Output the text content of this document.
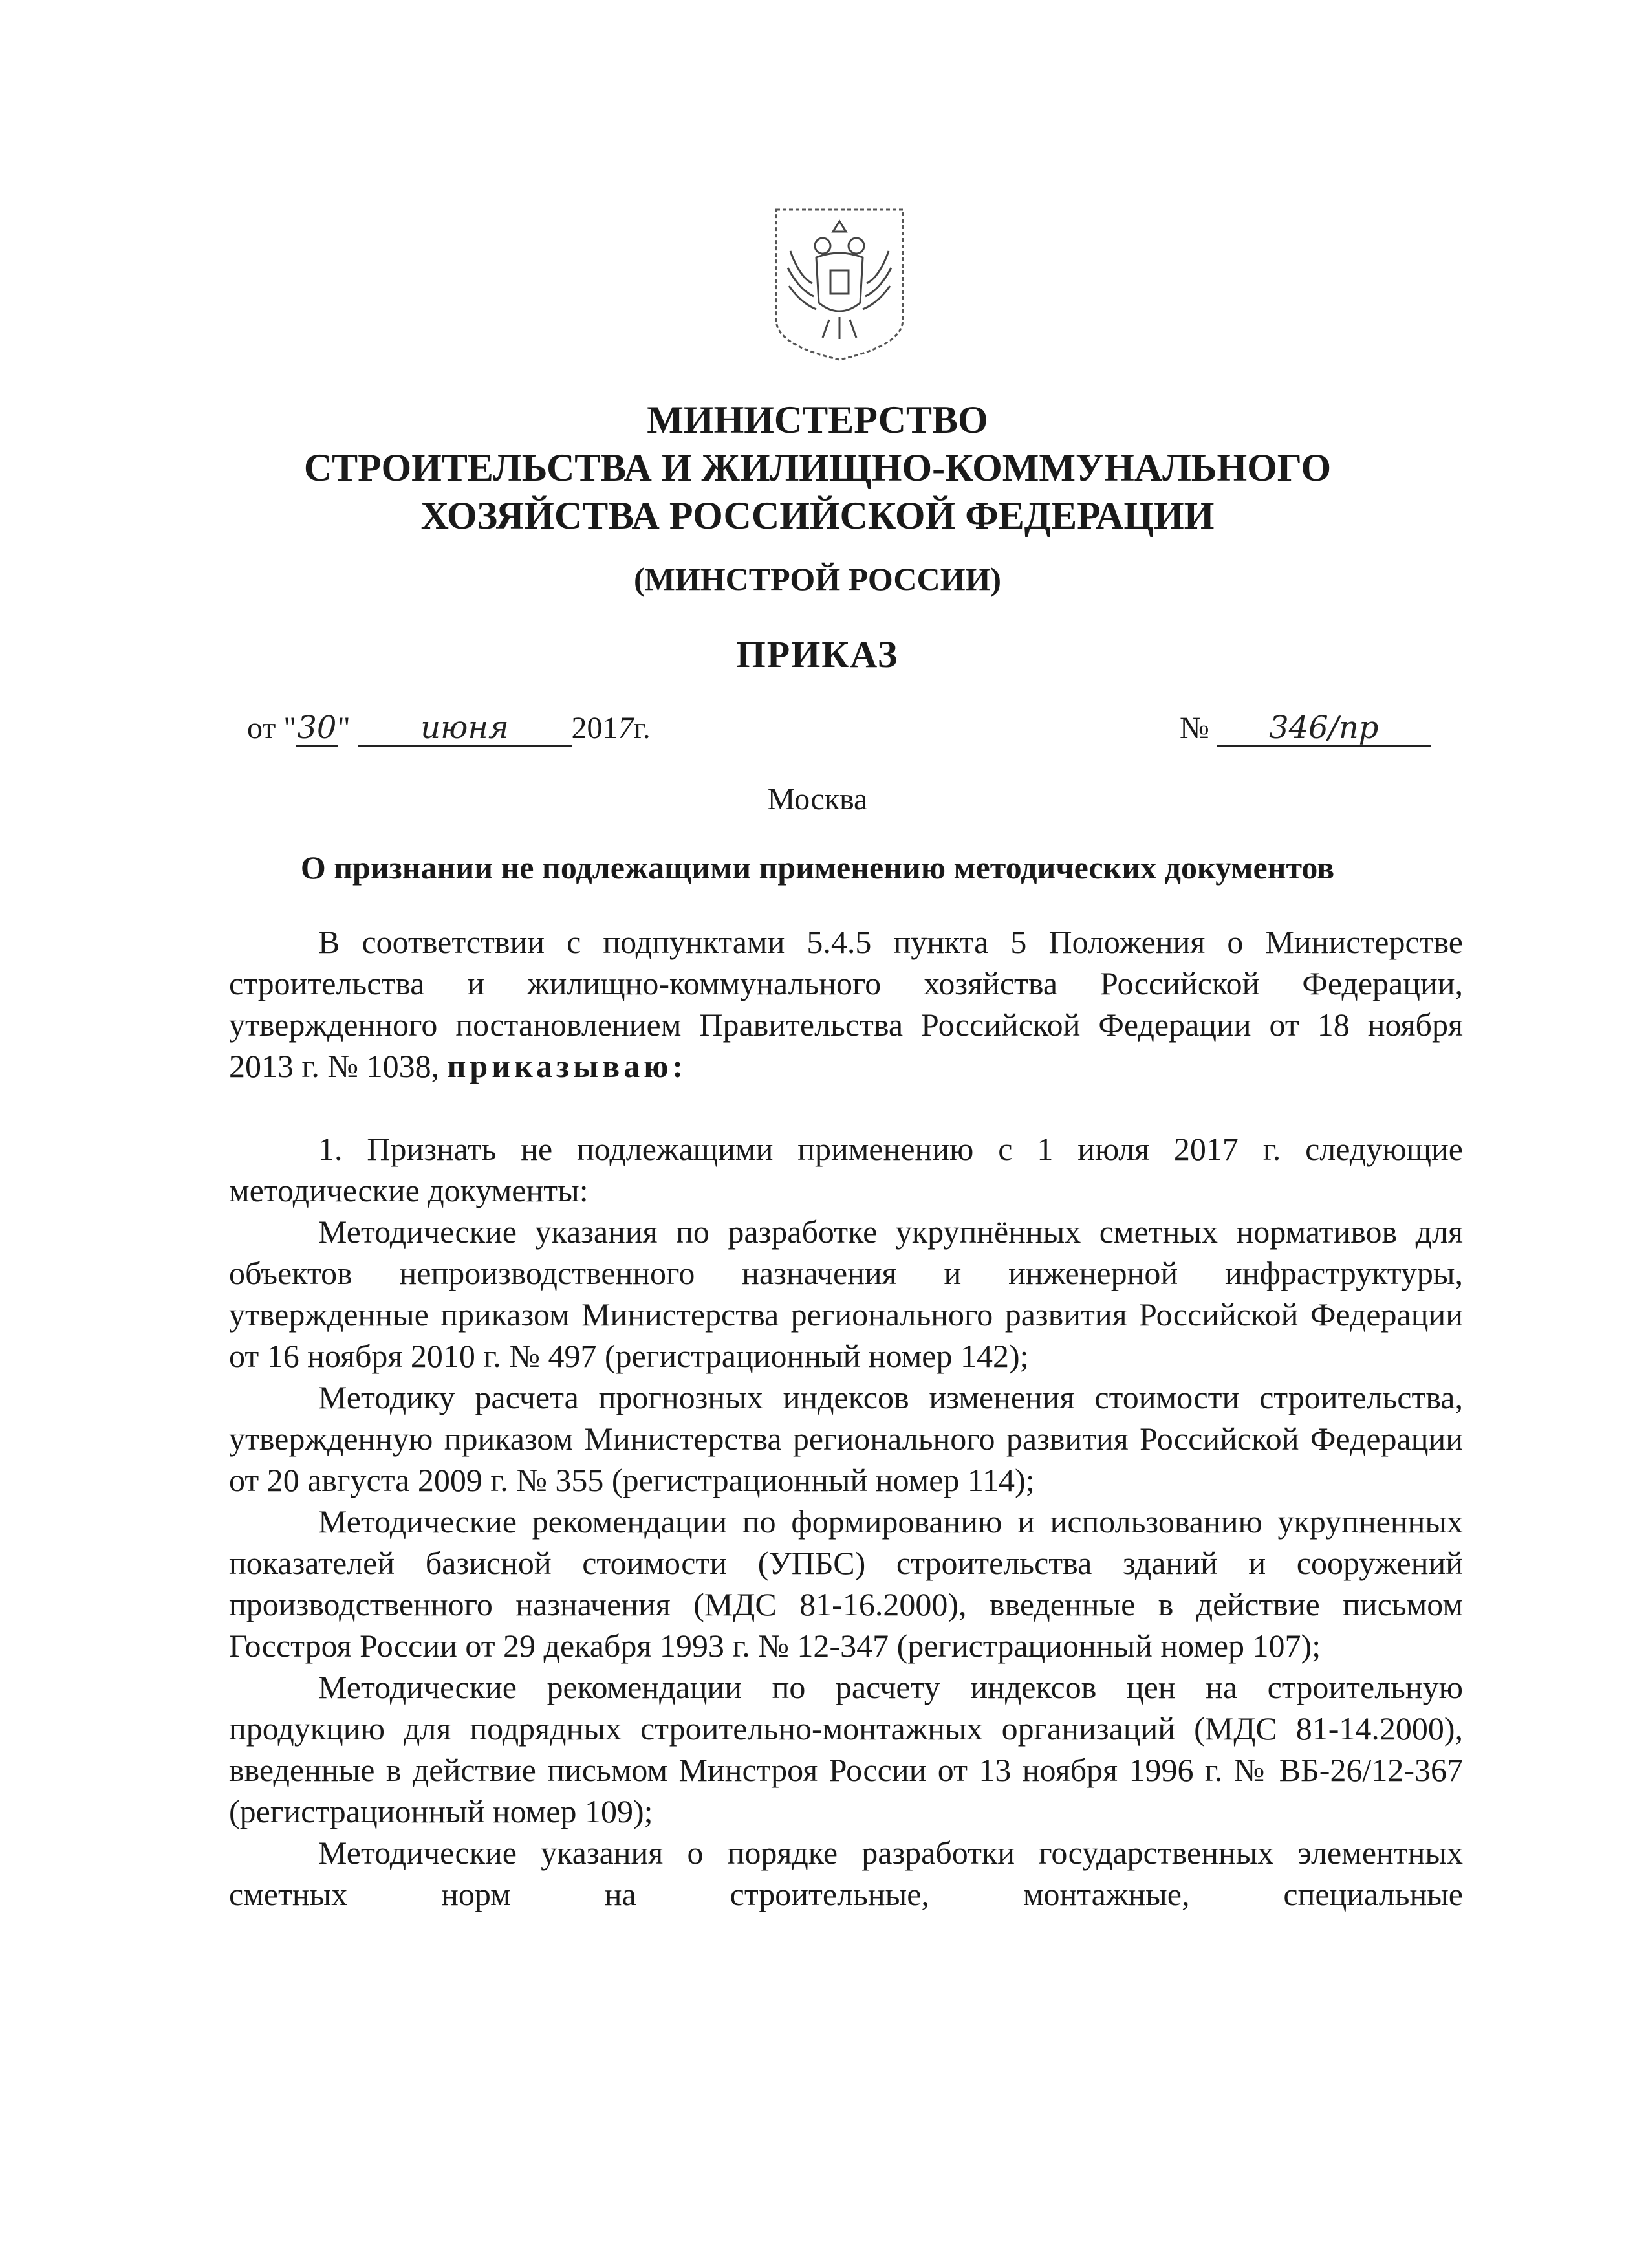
МИНИСТЕРСТВО
СТРОИТЕЛЬСТВА И ЖИЛИЩНО-КОММУНАЛЬНОГО
ХОЗЯЙСТВА РОССИЙСКОЙ ФЕДЕРАЦИИ
(МИНСТРОЙ РОССИИ)
ПРИКАЗ
от "30" июня 2017г.	№ 346/пр
Москва
О признании не подлежащими применению методических документов

В соответствии с подпунктами 5.4.5 пункта 5 Положения о Министерстве строительства и жилищно-коммунального хозяйства Российской Федерации, утвержденного постановлением Правительства Российской Федерации от 18 ноября 2013 г. № 1038, приказываю:

1. Признать не подлежащими применению с 1 июля 2017 г. следующие методические документы:

Методические указания по разработке укрупнённых сметных нормативов для объектов непроизводственного назначения и инженерной инфраструктуры, утвержденные приказом Министерства регионального развития Российской Федерации от 16 ноября 2010 г. № 497 (регистрационный номер 142);

Методику расчета прогнозных индексов изменения стоимости строительства, утвержденную приказом Министерства регионального развития Российской Федерации от 20 августа 2009 г. № 355 (регистрационный номер 114);

Методические рекомендации по формированию и использованию укрупненных показателей базисной стоимости (УПБС) строительства зданий и сооружений производственного назначения (МДС 81-16.2000), введенные в действие письмом Госстроя России от 29 декабря 1993 г. № 12-347 (регистрационный номер 107);

Методические рекомендации по расчету индексов цен на строительную продукцию для подрядных строительно-монтажных организаций (МДС 81-14.2000), введенные в действие письмом Минстроя России от 13 ноября 1996 г. № ВБ-26/12-367 (регистрационный номер 109);

Методические указания о порядке разработки государственных элементных сметных норм на строительные, монтажные, специальные
